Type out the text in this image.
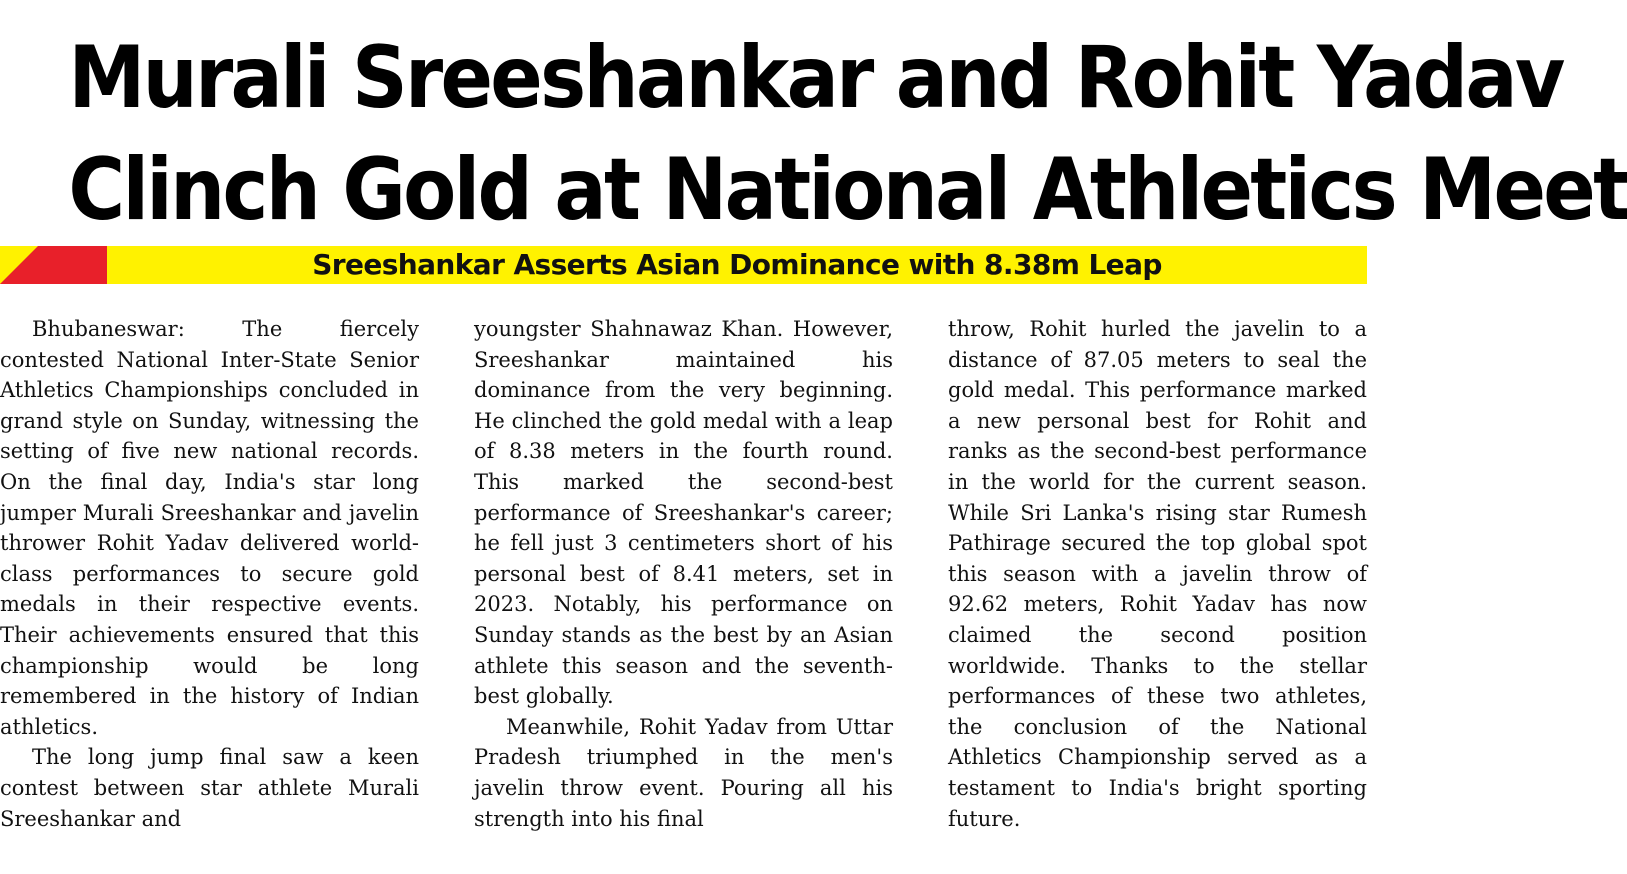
Murali Sreeshankar and Rohit Yadav
Clinch Gold at National Athletics Meet
Sreeshankar Asserts Asian Dominance with 8.38m Leap

Bhubaneswar: The fiercely contested National Inter-State Senior Athletics Championships concluded in grand style on Sunday, witnessing the setting of five new national records. On the final day, India's star long jumper Murali Sreeshankar and javelin thrower Rohit Yadav delivered world-class performances to secure gold medals in their respective events. Their achievements ensured that this championship would be long remembered in the history of Indian athletics.

The long jump final saw a keen contest between star athlete Murali Sreeshankar and

youngster Shahnawaz Khan. However, Sreeshankar maintained his dominance from the very beginning. He clinched the gold medal with a leap of 8.38 meters in the fourth round. This marked the second-best performance of Sreeshankar's career; he fell just 3 centimeters short of his personal best of 8.41 meters, set in 2023. Notably, his performance on Sunday stands as the best by an Asian athlete this season and the seventh-best globally.

Meanwhile, Rohit Yadav from Uttar Pradesh triumphed in the men's javelin throw event. Pouring all his strength into his final

throw, Rohit hurled the javelin to a distance of 87.05 meters to seal the gold medal. This performance marked a new personal best for Rohit and ranks as the second-best performance in the world for the current season. While Sri Lanka's rising star Rumesh Pathirage secured the top global spot this season with a javelin throw of 92.62 meters, Rohit Yadav has now claimed the second position worldwide. Thanks to the stellar performances of these two athletes, the conclusion of the National Athletics Championship served as a testament to India's bright sporting future.
